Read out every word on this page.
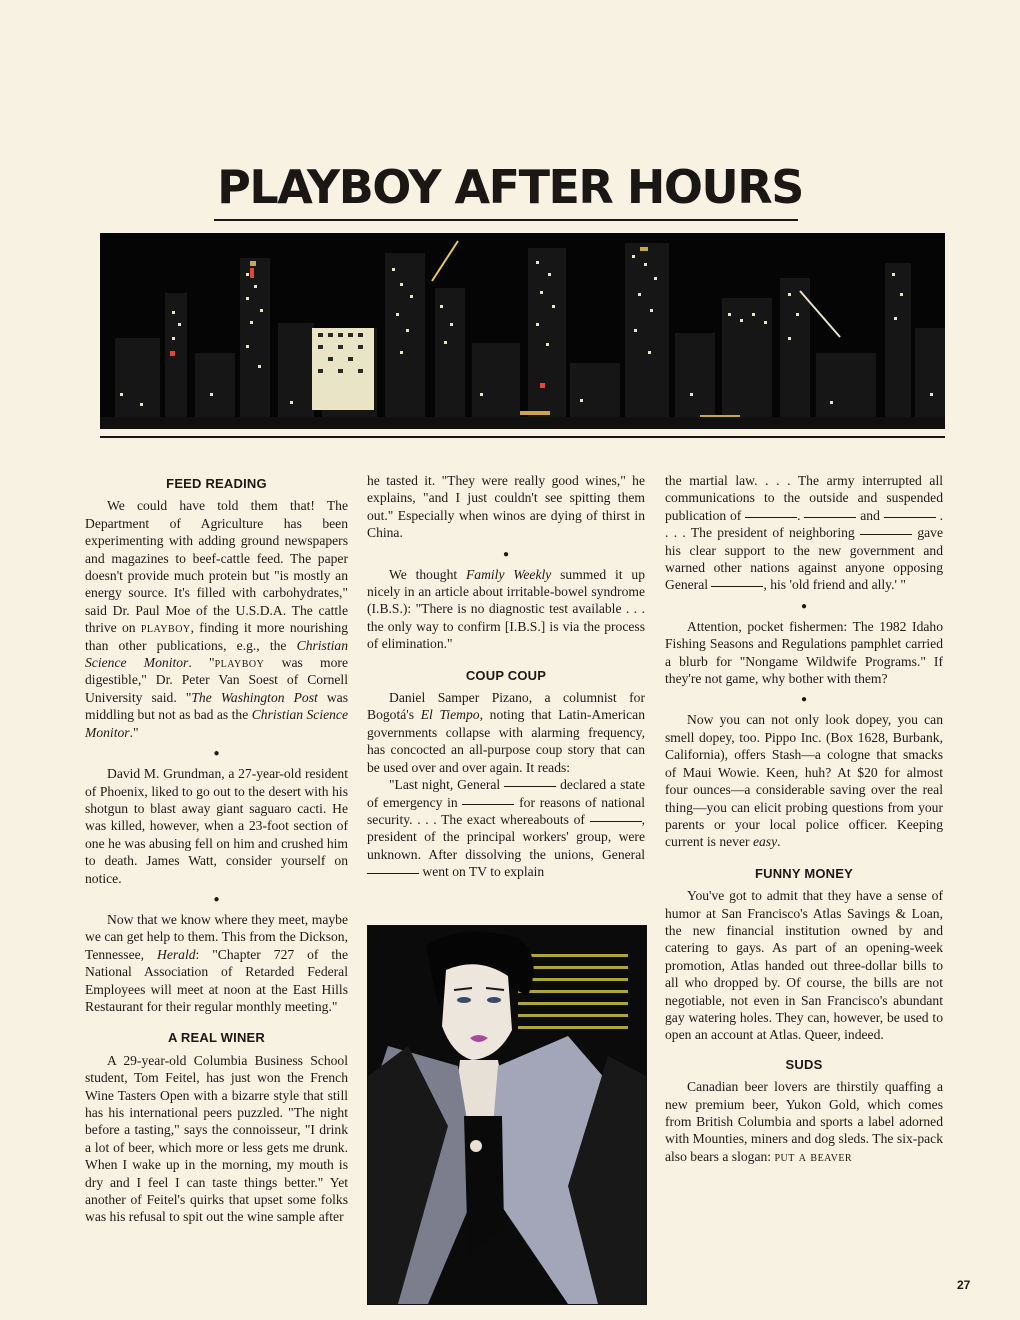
PLAYBOY AFTER HOURS
FEED READING

We could have told them that! The Department of Agriculture has been experimenting with adding ground newspapers and magazines to beef-cattle feed. The paper doesn't provide much protein but "is mostly an energy source. It's filled with carbohydrates," said Dr. Paul Moe of the U.S.D.A. The cattle thrive on playboy, finding it more nourishing than other publications, e.g., the Christian Science Monitor. "playboy was more digestible," Dr. Peter Van Soest of Cornell University said. "The Washington Post was middling but not as bad as the Christian Science Monitor."

●

David M. Grundman, a 27-year-old resident of Phoenix, liked to go out to the desert with his shotgun to blast away giant saguaro cacti. He was killed, however, when a 23-foot section of one he was abusing fell on him and crushed him to death. James Watt, consider yourself on notice.

●

Now that we know where they meet, maybe we can get help to them. This from the Dickson, Tennessee, Herald: "Chapter 727 of the National Association of Retarded Federal Employees will meet at noon at the East Hills Restaurant for their regular monthly meeting."

A REAL WINER

A 29-year-old Columbia Business School student, Tom Feitel, has just won the French Wine Tasters Open with a bizarre style that still has his international peers puzzled. "The night before a tasting," says the connoisseur, "I drink a lot of beer, which more or less gets me drunk. When I wake up in the morning, my mouth is dry and I feel I can taste things better." Yet another of Feitel's quirks that upset some folks was his refusal to spit out the wine sample after

he tasted it. "They were really good wines," he explains, "and I just couldn't see spitting them out." Especially when winos are dying of thirst in China.

●

We thought Family Weekly summed it up nicely in an article about irritable-bowel syndrome (I.B.S.): "There is no diagnostic test available . . . the only way to confirm [I.B.S.] is via the process of elimination."

COUP COUP

Daniel Samper Pizano, a columnist for Bogotá's El Tiempo, noting that Latin-American governments collapse with alarming frequency, has concocted an all-purpose coup story that can be used over and over again. It reads:

"Last night, General	declared a state of emergency in	for reasons of national security. . . . The exact whereabouts of	, president of the principal workers' group, were unknown. After dissolving the unions, General  went on TV to explain

the martial law. . . . The army interrupted all communications to the outside and suspended publication of	.	and	. . . . The president of neighboring	gave his clear support to the new government and warned other nations against anyone opposing General	, his 'old friend and ally.' "

●

Attention, pocket fishermen: The 1982 Idaho Fishing Seasons and Regulations pamphlet carried a blurb for "Nongame Wildwife Programs." If they're not game, why bother with them?

●

Now you can not only look dopey, you can smell dopey, too. Pippo Inc. (Box 1628, Burbank, California), offers Stash—a cologne that smacks of Maui Wowie. Keen, huh? At $20 for almost four ounces—a considerable saving over the real thing—you can elicit probing questions from your parents or your local police officer. Keeping current is never easy.

FUNNY MONEY

You've got to admit that they have a sense of humor at San Francisco's Atlas Savings & Loan, the new financial institution owned by and catering to gays. As part of an opening-week promotion, Atlas handed out three-dollar bills to all who dropped by. Of course, the bills are not negotiable, not even in San Francisco's abundant gay watering holes. They can, however, be used to open an account at Atlas. Queer, indeed.

SUDS

Canadian beer lovers are thirstily quaffing a new premium beer, Yukon Gold, which comes from British Columbia and sports a label adorned with Mounties, miners and dog sleds. The six-pack also bears a slogan: put a beaver

27
